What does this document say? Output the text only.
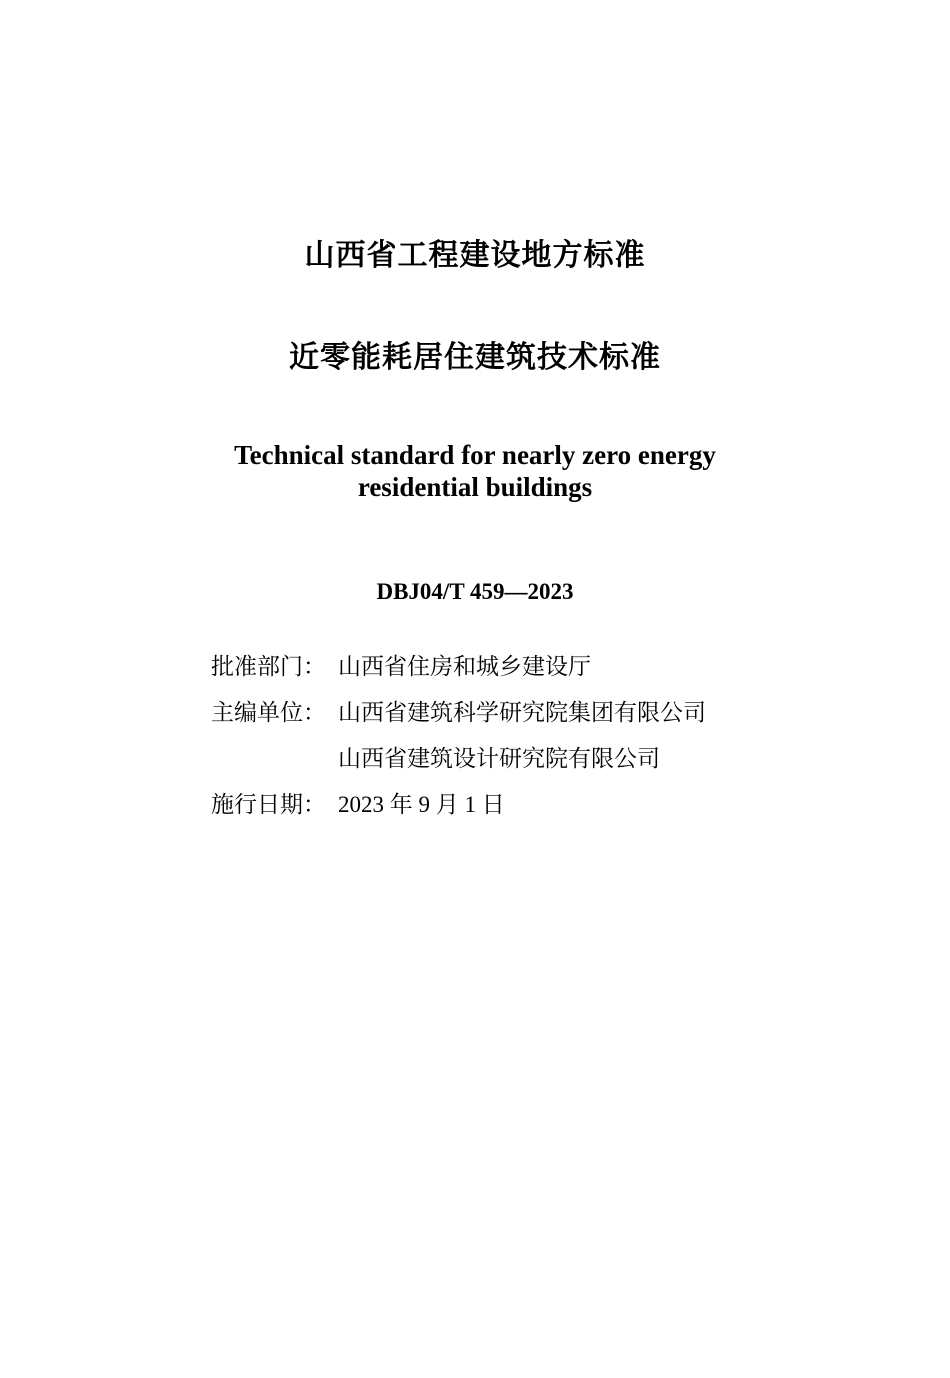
山西省工程建设地方标准
近零能耗居住建筑技术标准
Technical standard for nearly zero energy
residential buildings
DBJ04/T 459—2023
批准部门： 山西省住房和城乡建设厅
主编单位： 山西省建筑科学研究院集团有限公司
山西省建筑设计研究院有限公司
施行日期： 2023 年 9 月 1 日
